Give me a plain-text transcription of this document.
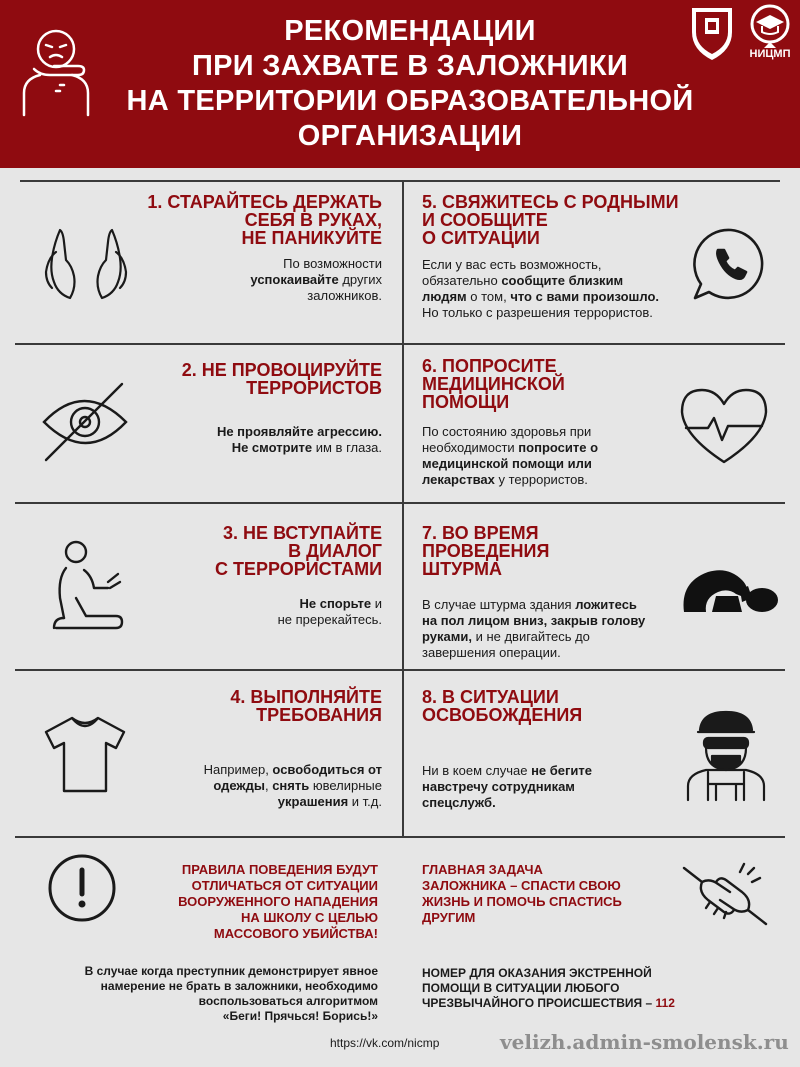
РЕКОМЕНДАЦИИ
ПРИ ЗАХВАТЕ В ЗАЛОЖНИКИ
НА ТЕРРИТОРИИ ОБРАЗОВАТЕЛЬНОЙ
ОРГАНИЗАЦИИ
НИЦМП
1. СТАРАЙТЕСЬ ДЕРЖАТЬ
СЕБЯ В РУКАХ,
НЕ ПАНИКУЙТЕ
По возможности
успокаивайте других
заложников.
2. НЕ ПРОВОЦИРУЙТЕ
ТЕРРОРИСТОВ
Не проявляйте агрессию.
Не смотрите им в глаза.
3. НЕ ВСТУПАЙТЕ
В ДИАЛОГ
С ТЕРРОРИСТАМИ
Не спорьте и
не пререкайтесь.
4. ВЫПОЛНЯЙТЕ
ТРЕБОВАНИЯ
Например, освободиться от
одежды, снять ювелирные
украшения и т.д.
5. СВЯЖИТЕСЬ С РОДНЫМИ
И СООБЩИТЕ
О СИТУАЦИИ
Если у вас есть возможность,
обязательно сообщите близким
людям о том, что с вами произошло.
Но только с разрешения террористов.
6. ПОПРОСИТЕ
МЕДИЦИНСКОЙ
ПОМОЩИ
По состоянию здоровья при
необходимости попросите о
медицинской помощи или
лекарствах у террористов.
7. ВО ВРЕМЯ
ПРОВЕДЕНИЯ
ШТУРМА
В случае штурма здания ложитесь
на пол лицом вниз, закрыв голову
руками, и не двигайтесь до
завершения операции.
8. В СИТУАЦИИ
ОСВОБОЖДЕНИЯ
Ни в коем случае не бегите
навстречу сотрудникам
спецслужб.
ПРАВИЛА ПОВЕДЕНИЯ БУДУТ
ОТЛИЧАТЬСЯ ОТ СИТУАЦИИ
ВООРУЖЕННОГО НАПАДЕНИЯ
НА ШКОЛУ С ЦЕЛЬЮ
МАССОВОГО УБИЙСТВА!
ГЛАВНАЯ ЗАДАЧА
ЗАЛОЖНИКА – СПАСТИ СВОЮ
ЖИЗНЬ И ПОМОЧЬ СПАСТИСЬ
ДРУГИМ
В случае когда преступник демонстрирует явное
намерение не брать в заложники, необходимо
воспользоваться алгоритмом
«Беги! Прячься! Борись!»
НОМЕР ДЛЯ ОКАЗАНИЯ ЭКСТРЕННОЙ
ПОМОЩИ В СИТУАЦИИ ЛЮБОГО
ЧРЕЗВЫЧАЙНОГО ПРОИСШЕСТВИЯ – 112
https://vk.com/nicmp	velizh.admin-smolensk.ru
